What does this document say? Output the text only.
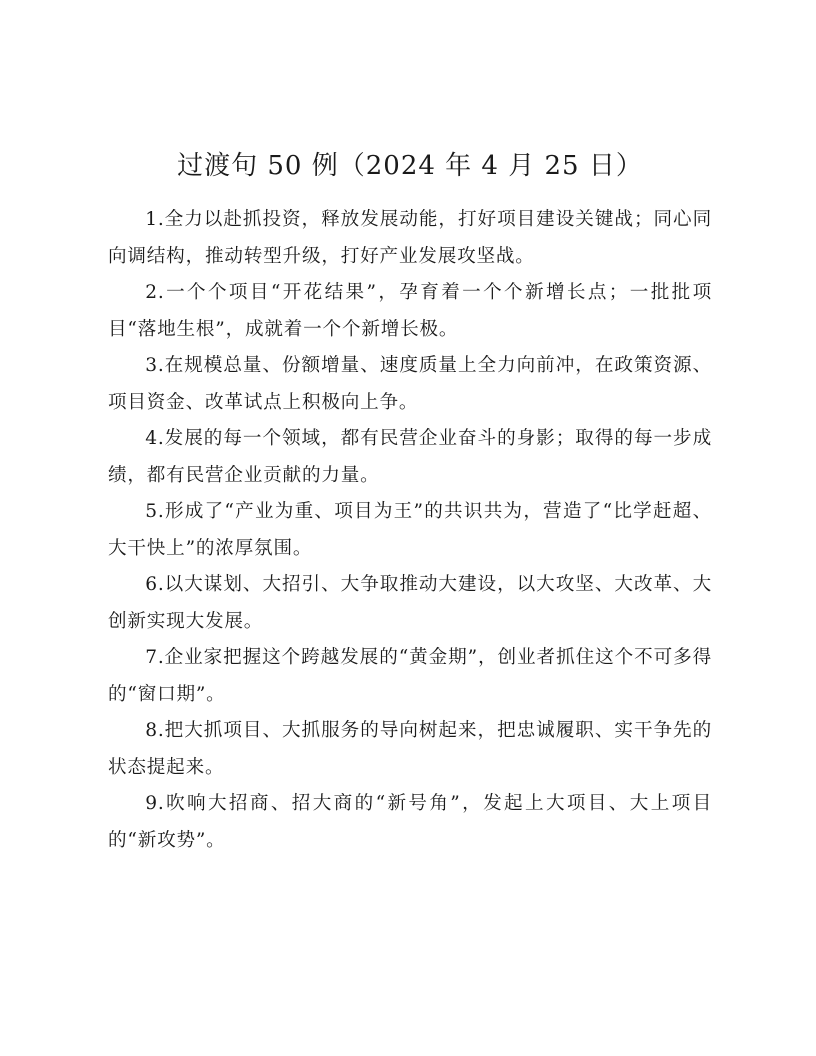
过渡句 50 例（2024 年 4 月 25 日）

1.全力以赴抓投资，释放发展动能，打好项目建设关键战；同心同向调结构，推动转型升级，打好产业发展攻坚战。

2.一个个项目“开花结果”，孕育着一个个新增长点；一批批项目“落地生根”，成就着一个个新增长极。

3.在规模总量、份额增量、速度质量上全力向前冲，在政策资源、项目资金、改革试点上积极向上争。

4.发展的每一个领域，都有民营企业奋斗的身影；取得的每一步成绩，都有民营企业贡献的力量。

5.形成了“产业为重、项目为王”的共识共为，营造了“比学赶超、大干快上”的浓厚氛围。

6.以大谋划、大招引、大争取推动大建设，以大攻坚、大改革、大创新实现大发展。

7.企业家把握这个跨越发展的“黄金期”，创业者抓住这个不可多得的“窗口期”。

8.把大抓项目、大抓服务的导向树起来，把忠诚履职、实干争先的状态提起来。

9.吹响大招商、招大商的“新号角”，发起上大项目、大上项目的“新攻势”。
